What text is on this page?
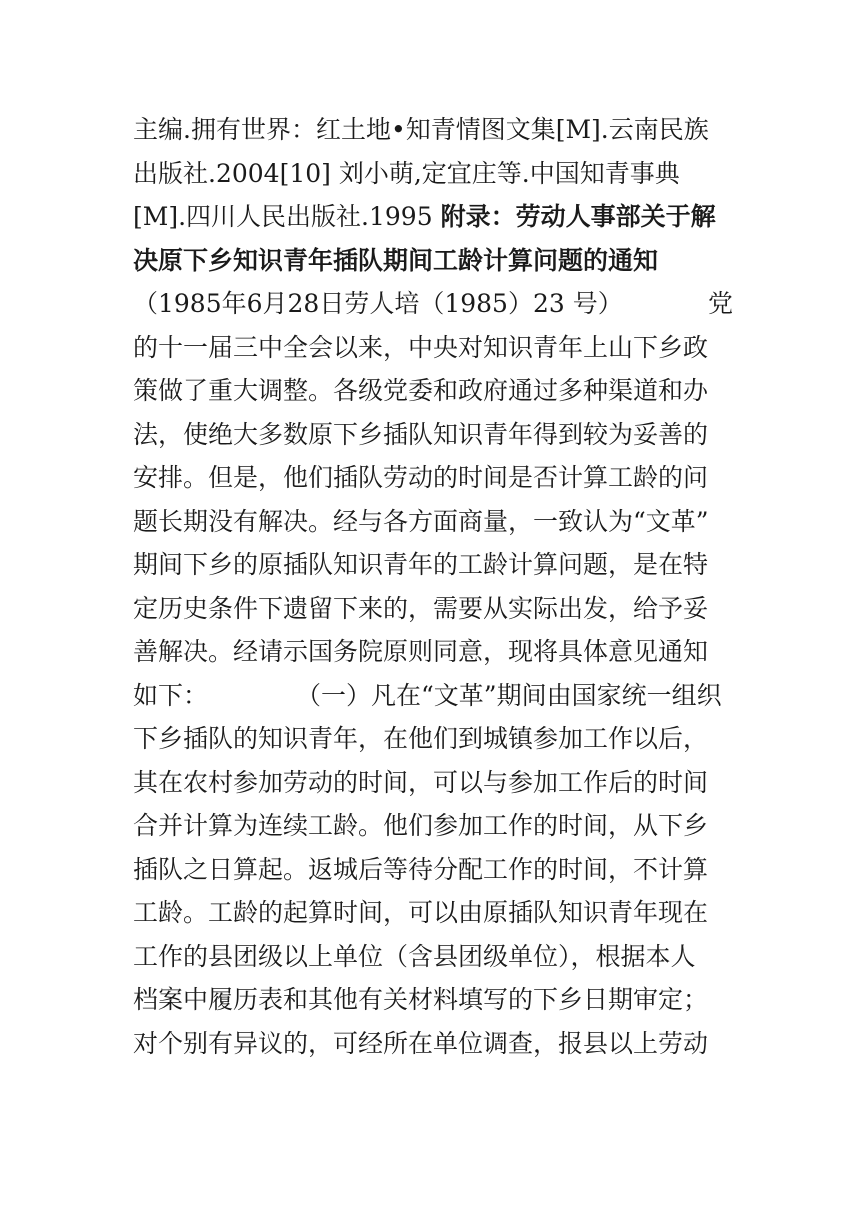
主编.拥有世界：红土地•知青情图文集[M].云南民族
出版社.2004[10] 刘小萌,定宜庄等.中国知青事典
[M].四川人民出版社.1995 附录：劳动人事部关于解
决原下乡知识青年插队期间工龄计算问题的通知
（1985年6月28日劳人培（1985）23 号）	党
的十一届三中全会以来，中央对知识青年上山下乡政
策做了重大调整。各级党委和政府通过多种渠道和办
法，使绝大多数原下乡插队知识青年得到较为妥善的
安排。但是，他们插队劳动的时间是否计算工龄的问
题长期没有解决。经与各方面商量，一致认为“文革”
期间下乡的原插队知识青年的工龄计算问题，是在特
定历史条件下遗留下来的，需要从实际出发，给予妥
善解决。经请示国务院原则同意，现将具体意见通知
如下：	（一）凡在“文革”期间由国家统一组织
下乡插队的知识青年，在他们到城镇参加工作以后，
其在农村参加劳动的时间，可以与参加工作后的时间
合并计算为连续工龄。他们参加工作的时间，从下乡
插队之日算起。返城后等待分配工作的时间，不计算
工龄。工龄的起算时间，可以由原插队知识青年现在
工作的县团级以上单位（含县团级单位），根据本人
档案中履历表和其他有关材料填写的下乡日期审定；
对个别有异议的，可经所在单位调查，报县以上劳动
